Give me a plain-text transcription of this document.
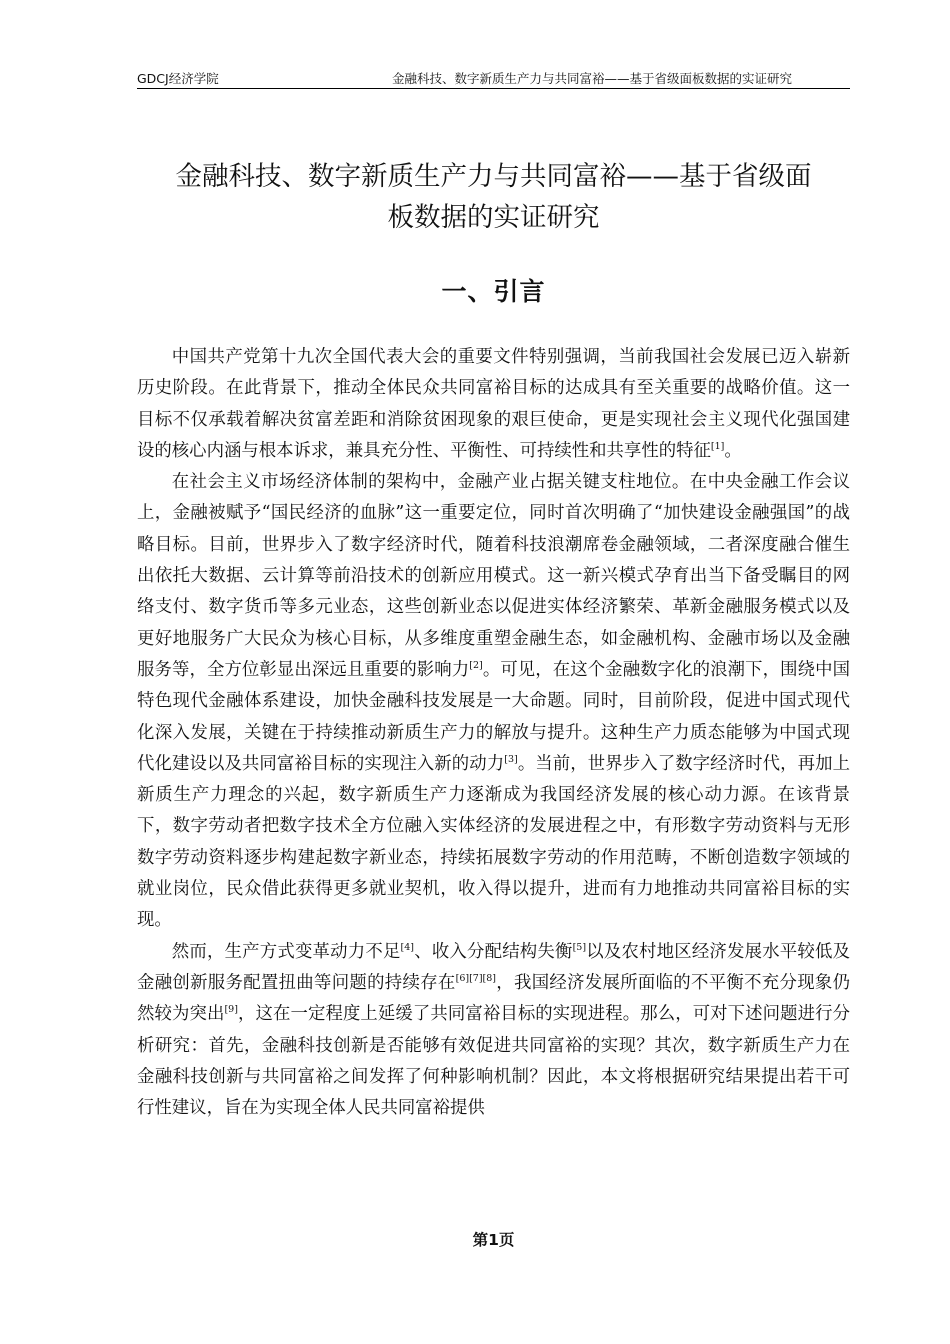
GDCJ经济学院	金融科技、数字新质生产力与共同富裕——基于省级面板数据的实证研究
金融科技、数字新质生产力与共同富裕——基于省级面
板数据的实证研究
一、引言

中国共产党第十九次全国代表大会的重要文件特别强调，当前我国社会发展已迈入崭新历史阶段。在此背景下，推动全体民众共同富裕目标的达成具有至关重要的战略价值。这一目标不仅承载着解决贫富差距和消除贫困现象的艰巨使命，更是实现社会主义现代化强国建设的核心内涵与根本诉求，兼具充分性、平衡性、可持续性和共享性的特征[1]。

在社会主义市场经济体制的架构中，金融产业占据关键支柱地位。在中央金融工作会议上，金融被赋予“国民经济的血脉”这一重要定位，同时首次明确了“加快建设金融强国”的战略目标。目前，世界步入了数字经济时代，随着科技浪潮席卷金融领域，二者深度融合催生出依托大数据、云计算等前沿技术的创新应用模式。这一新兴模式孕育出当下备受瞩目的网络支付、数字货币等多元业态，这些创新业态以促进实体经济繁荣、革新金融服务模式以及更好地服务广大民众为核心目标，从多维度重塑金融生态，如金融机构、金融市场以及金融服务等，全方位彰显出深远且重要的影响力[2]。可见，在这个金融数字化的浪潮下，围绕中国特色现代金融体系建设，加快金融科技发展是一大命题。同时，目前阶段，促进中国式现代化深入发展，关键在于持续推动新质生产力的解放与提升。这种生产力质态能够为中国式现代化建设以及共同富裕目标的实现注入新的动力[3]。当前，世界步入了数字经济时代，再加上新质生产力理念的兴起，数字新质生产力逐渐成为我国经济发展的核心动力源。在该背景下，数字劳动者把数字技术全方位融入实体经济的发展进程之中，有形数字劳动资料与无形数字劳动资料逐步构建起数字新业态，持续拓展数字劳动的作用范畴，不断创造数字领域的就业岗位，民众借此获得更多就业契机，收入得以提升，进而有力地推动共同富裕目标的实现。

然而，生产方式变革动力不足[4]、收入分配结构失衡[5]以及农村地区经济发展水平较低及金融创新服务配置扭曲等问题的持续存在[6][7][8]，我国经济发展所面临的不平衡不充分现象仍然较为突出[9]，这在一定程度上延缓了共同富裕目标的实现进程。那么，可对下述问题进行分析研究：首先，金融科技创新是否能够有效促进共同富裕的实现？其次，数字新质生产力在金融科技创新与共同富裕之间发挥了何种影响机制？因此，本文将根据研究结果提出若干可行性建议，旨在为实现全体人民共同富裕提供

第1页
